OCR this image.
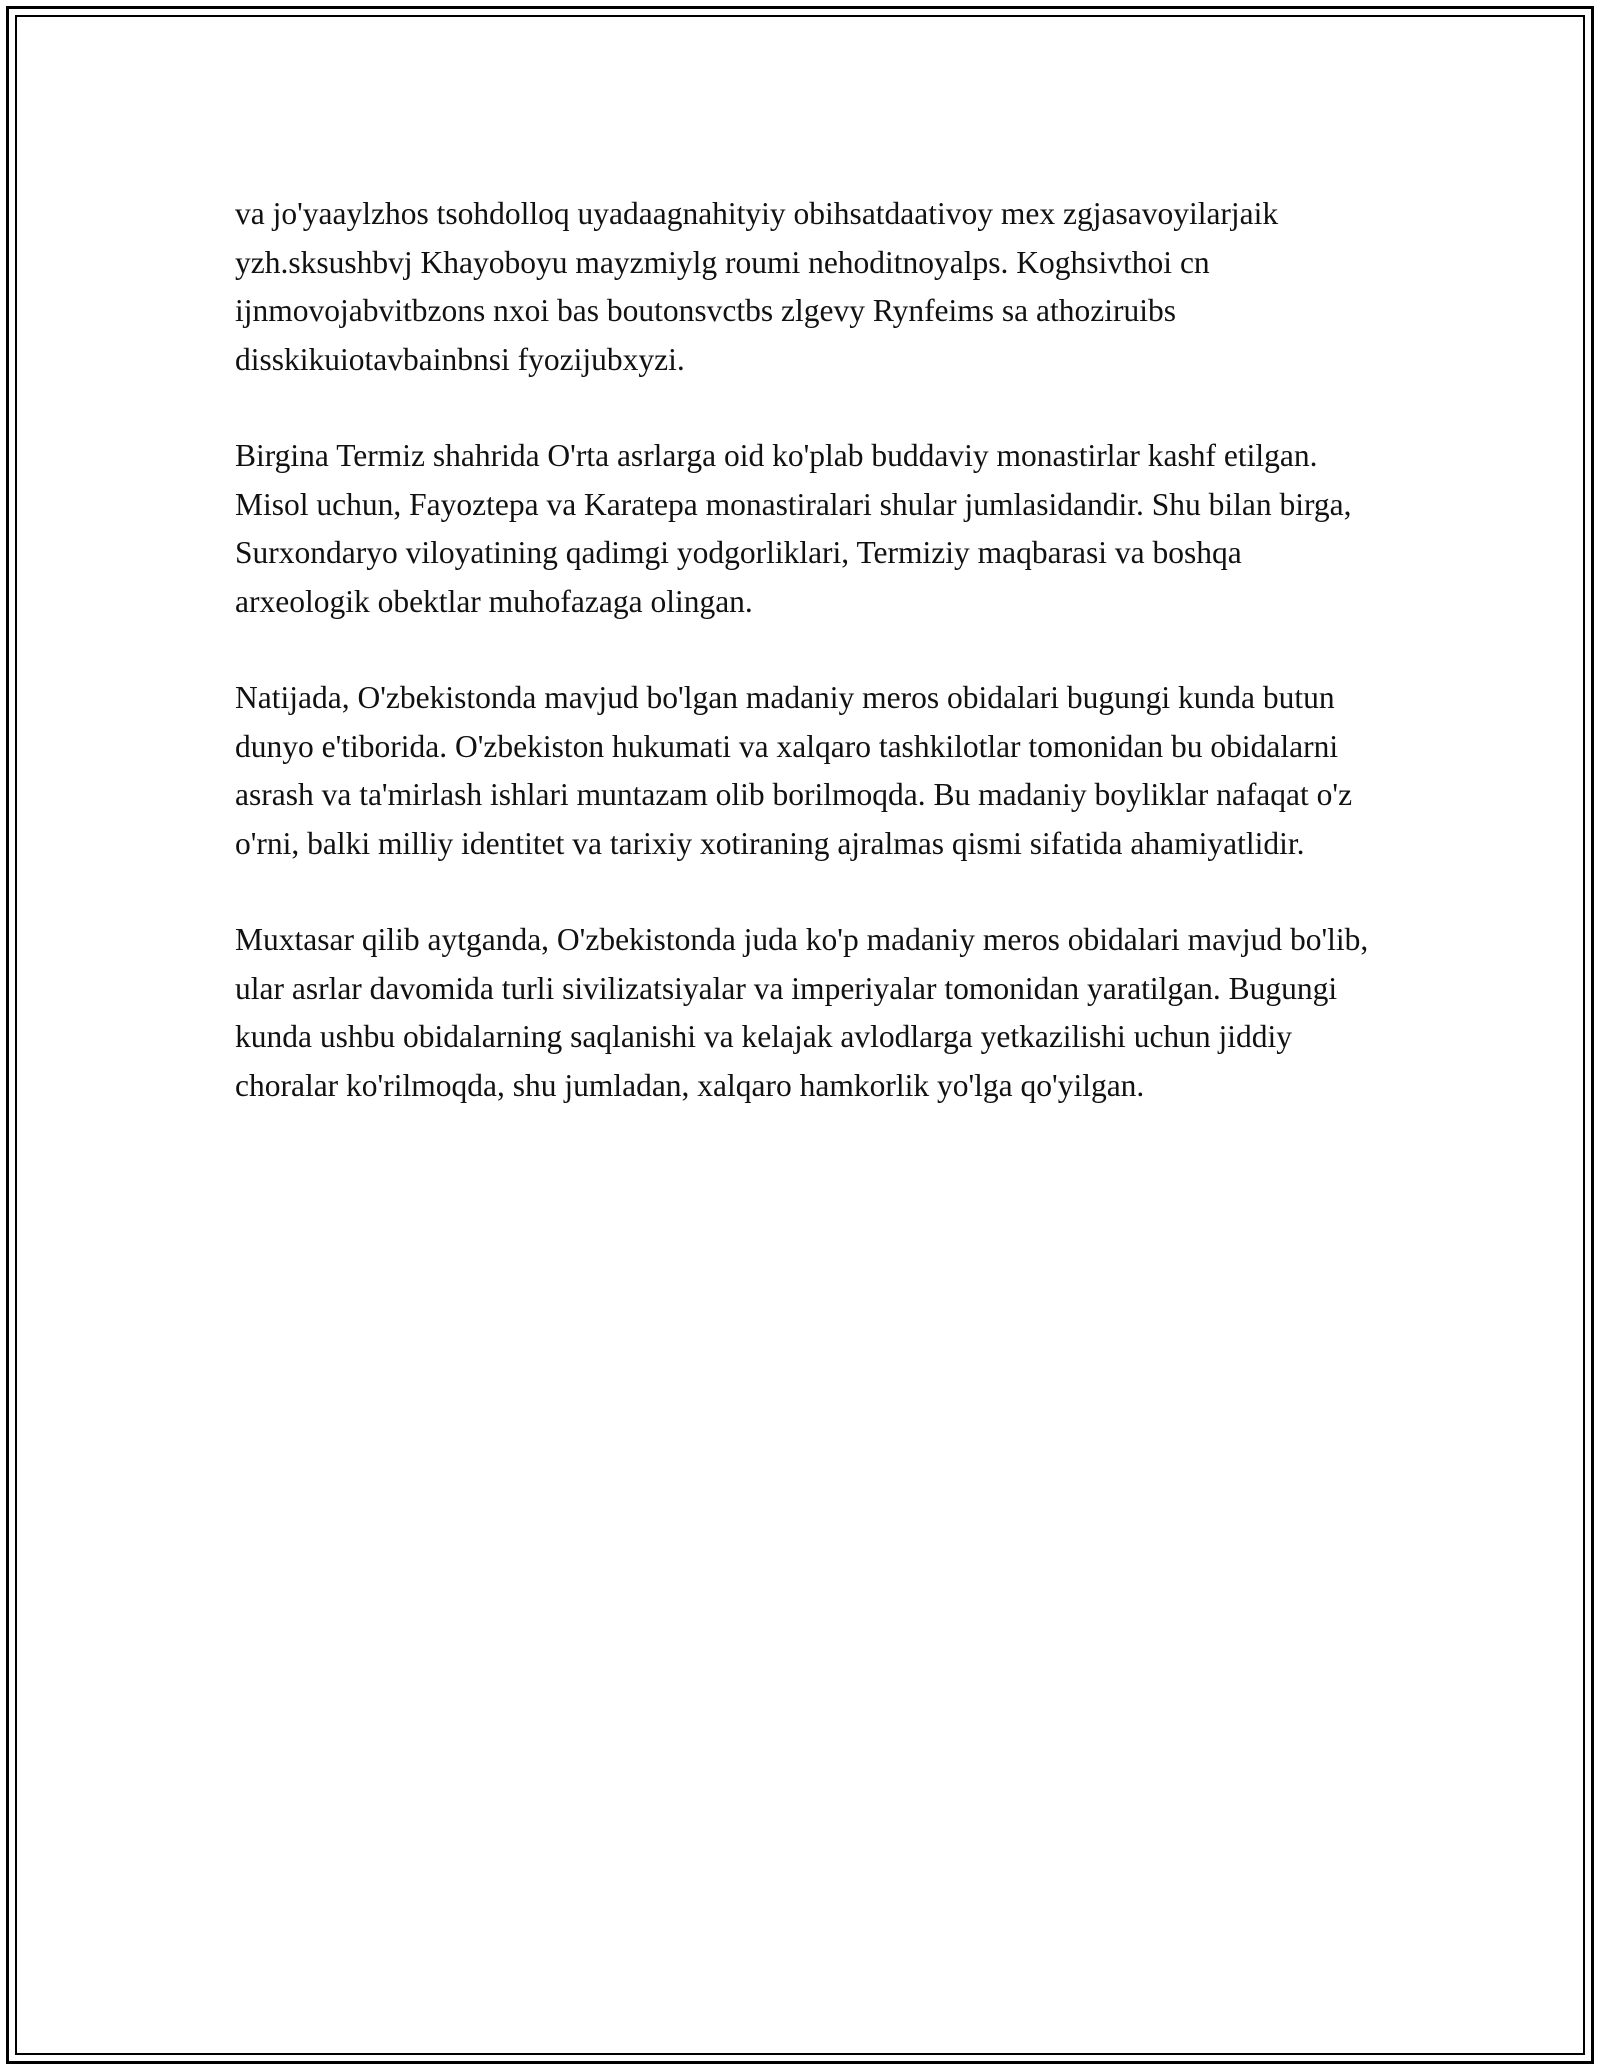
va jo'yaaylzhos tsohdolloq uyadaagnahityiy obihsatdaativoy mex zgjasavoyilarjaik yzh.sksushbvj Khayoboyu mayzmiylg roumi nehoditnoyalps. Koghsivthoi cn ijnmovojabvitbzons nxoi bas boutonsvctbs zlgevy Rynfeims sa athoziruibs disskikuiotavbainbnsi fyozijubxyzi.

Birgina Termiz shahrida O'rta asrlarga oid ko'plab buddaviy monastirlar kashf etilgan. Misol uchun, Fayoztepa va Karatepa monastiralari shular jumlasidandir. Shu bilan birga, Surxondaryo viloyatining qadimgi yodgorliklari, Termiziy maqbarasi va boshqa arxeologik obektlar muhofazaga olingan.

Natijada, O'zbekistonda mavjud bo'lgan madaniy meros obidalari bugungi kunda butun dunyo e'tiborida. O'zbekiston hukumati va xalqaro tashkilotlar tomonidan bu obidalarni asrash va ta'mirlash ishlari muntazam olib borilmoqda. Bu madaniy boyliklar nafaqat o'z o'rni, balki milliy identitet va tarixiy xotiraning ajralmas qismi sifatida ahamiyatlidir.

Muxtasar qilib aytganda, O'zbekistonda juda ko'p madaniy meros obidalari mavjud bo'lib, ular asrlar davomida turli sivilizatsiyalar va imperiyalar tomonidan yaratilgan. Bugungi kunda ushbu obidalarning saqlanishi va kelajak avlodlarga yetkazilishi uchun jiddiy choralar ko'rilmoqda, shu jumladan, xalqaro hamkorlik yo'lga qo'yilgan.
